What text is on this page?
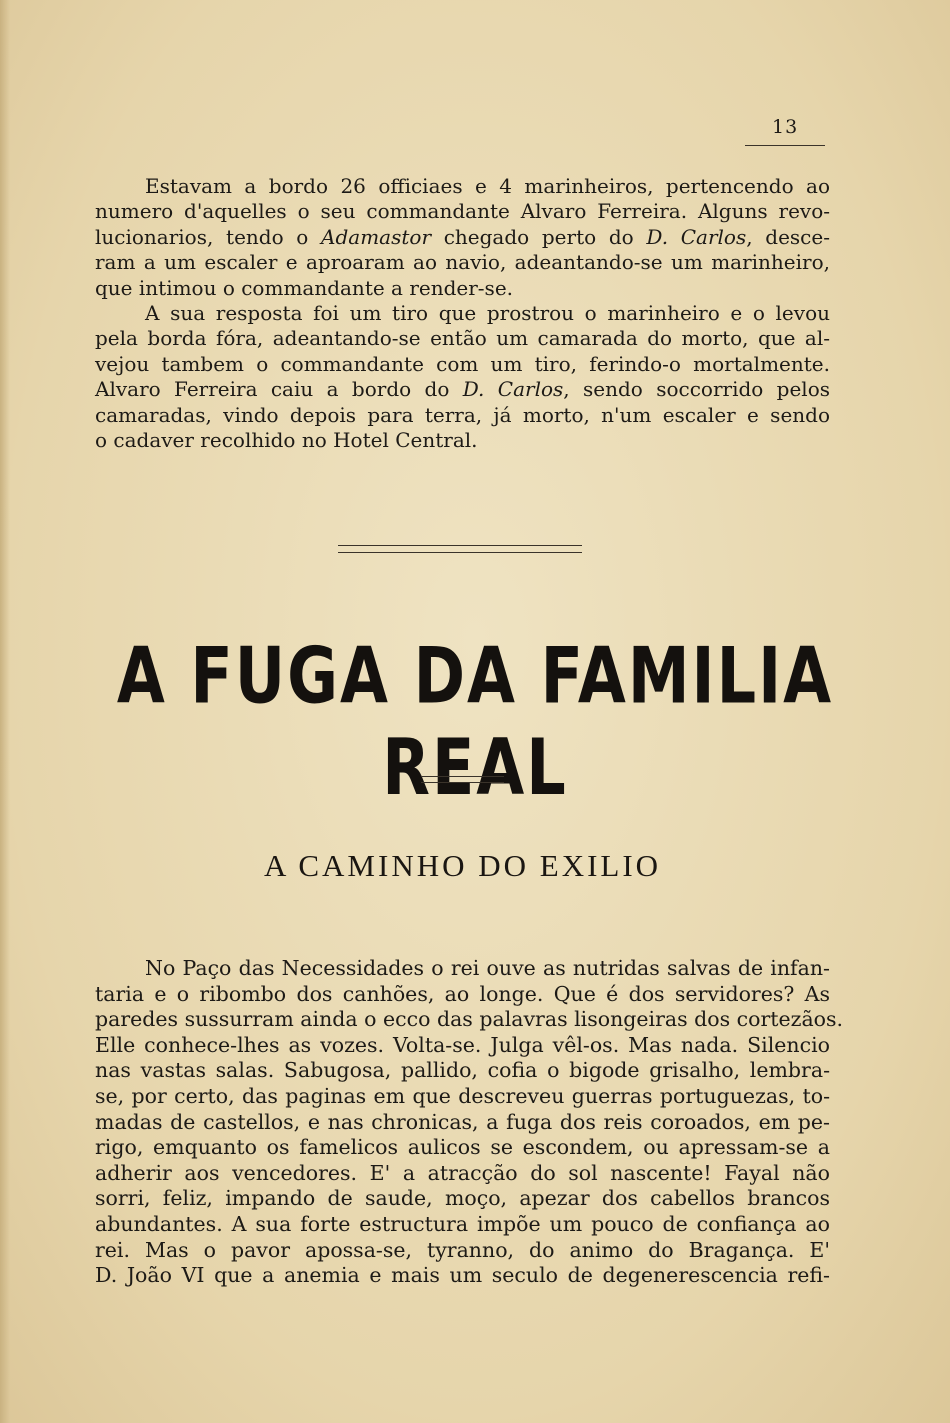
13
Estavam a bordo 26 officiaes e 4 marinheiros, pertencendo ao
numero d'aquelles o seu commandante Alvaro Ferreira. Alguns revo-
lucionarios, tendo o Adamastor chegado perto do D. Carlos, desce-
ram a um escaler e aproaram ao navio, adeantando-se um marinheiro,
que intimou o commandante a render-se.
A sua resposta foi um tiro que prostrou o marinheiro e o levou
pela borda fóra, adeantando-se então um camarada do morto, que al-
vejou tambem o commandante com um tiro, ferindo-o mortalmente.
Alvaro Ferreira caiu a bordo do D. Carlos, sendo soccorrido pelos
camaradas, vindo depois para terra, já morto, n'um escaler e sendo
o cadaver recolhido no Hotel Central.
A FUGA DA FAMILIA REAL
A CAMINHO DO EXILIO
No Paço das Necessidades o rei ouve as nutridas salvas de infan-
taria e o ribombo dos canhões, ao longe. Que é dos servidores? As
paredes sussurram ainda o ecco das palavras lisongeiras dos cortezãos.
Elle conhece-lhes as vozes. Volta-se. Julga vêl-os. Mas nada. Silencio
nas vastas salas. Sabugosa, pallido, cofia o bigode grisalho, lembra-
se, por certo, das paginas em que descreveu guerras portuguezas, to-
madas de castellos, e nas chronicas, a fuga dos reis coroados, em pe-
rigo, emquanto os famelicos aulicos se escondem, ou apressam-se a
adherir aos vencedores. E' a atracção do sol nascente! Fayal não
sorri, feliz, impando de saude, moço, apezar dos cabellos brancos
abundantes. A sua forte estructura impõe um pouco de confiança ao
rei. Mas o pavor apossa-se, tyranno, do animo do Bragança. E'
D. João VI que a anemia e mais um seculo de degenerescencia refi-
